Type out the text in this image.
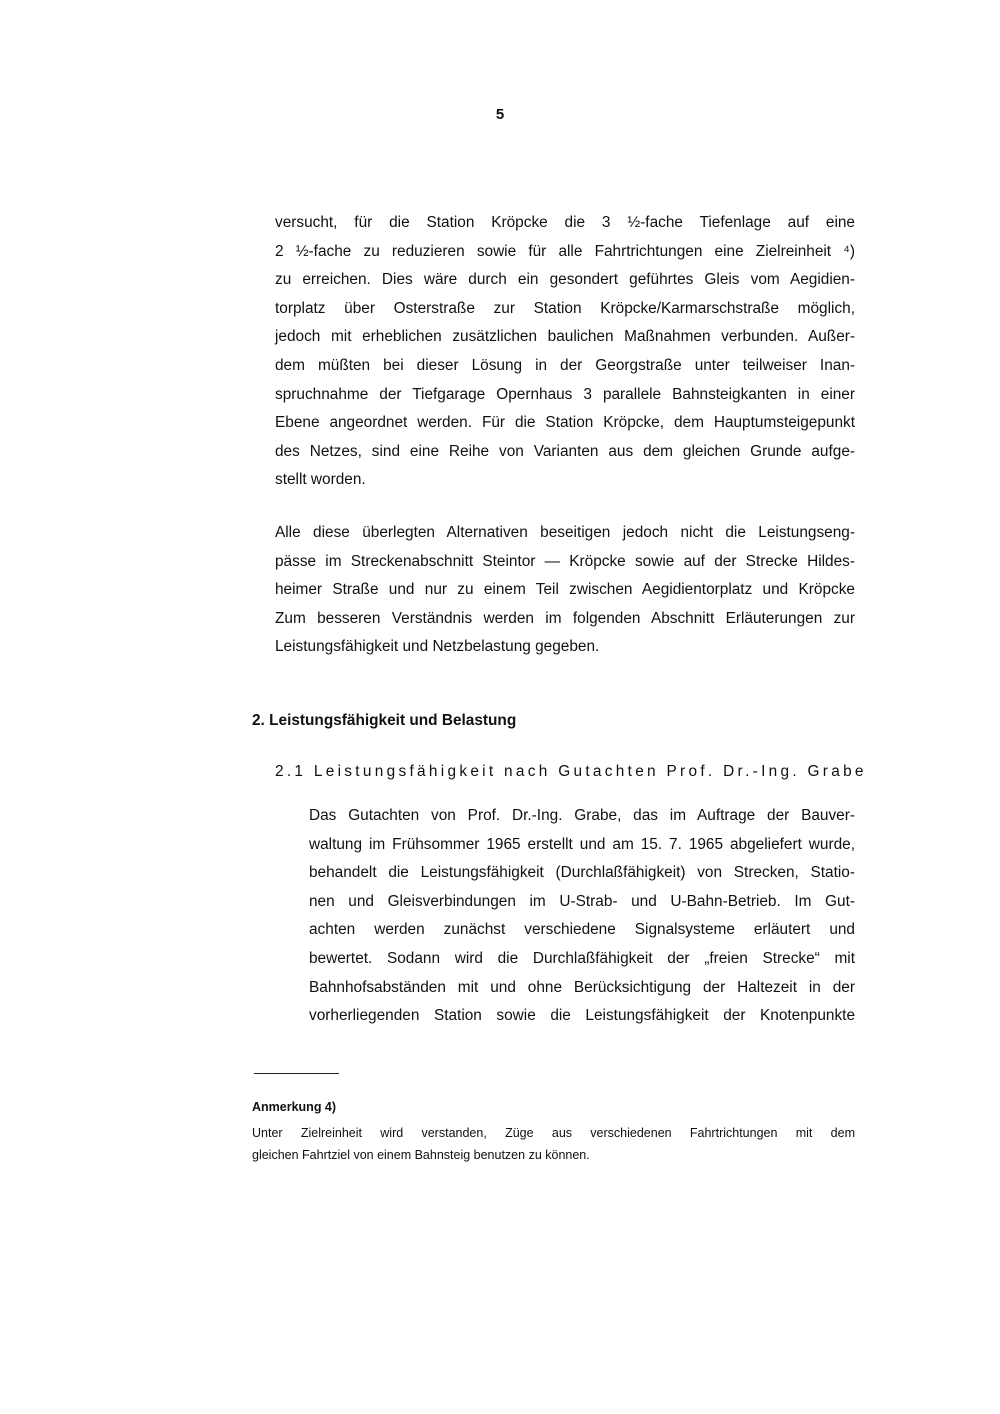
5

versucht, für die Station Kröpcke die 3 ½-fache Tiefenlage auf eine
2 ½-fache zu reduzieren sowie für alle Fahrtrichtungen eine Zielreinheit ⁴)
zu erreichen. Dies wäre durch ein gesondert geführtes Gleis vom Aegidien-
torplatz über Osterstraße zur Station Kröpcke/Karmarschstraße möglich,
jedoch mit erheblichen zusätzlichen baulichen Maßnahmen verbunden. Außer-
dem müßten bei dieser Lösung in der Georgstraße unter teilweiser Inan-
spruchnahme der Tiefgarage Opernhaus 3 parallele Bahnsteigkanten in einer
Ebene angeordnet werden. Für die Station Kröpcke, dem Hauptumsteigepunkt
des Netzes, sind eine Reihe von Varianten aus dem gleichen Grunde aufge-
stellt worden.

Alle diese überlegten Alternativen beseitigen jedoch nicht die Leistungseng-
pässe im Streckenabschnitt Steintor — Kröpcke sowie auf der Strecke Hildes-
heimer Straße und nur zu einem Teil zwischen Aegidientorplatz und Kröpcke
Zum besseren Verständnis werden im folgenden Abschnitt Erläuterungen zur
Leistungsfähigkeit und Netzbelastung gegeben.

2. Leistungsfähigkeit und Belastung
2.1 Leistungsfähigkeit nach Gutachten Prof. Dr.-Ing. Grabe

Das Gutachten von Prof. Dr.-Ing. Grabe, das im Auftrage der Bauver-
waltung im Frühsommer 1965 erstellt und am 15. 7. 1965 abgeliefert wurde,
behandelt die Leistungsfähigkeit (Durchlaßfähigkeit) von Strecken, Statio-
nen und Gleisverbindungen im U-Strab- und U-Bahn-Betrieb. Im Gut-
achten werden zunächst verschiedene Signalsysteme erläutert und
bewertet. Sodann wird die Durchlaßfähigkeit der „freien Strecke“ mit
Bahnhofsabständen mit und ohne Berücksichtigung der Haltezeit in der
vorherliegenden Station sowie die Leistungsfähigkeit der Knotenpunkte

Anmerkung 4)

Unter Zielreinheit wird verstanden, Züge aus verschiedenen Fahrtrichtungen mit dem
gleichen Fahrtziel von einem Bahnsteig benutzen zu können.
